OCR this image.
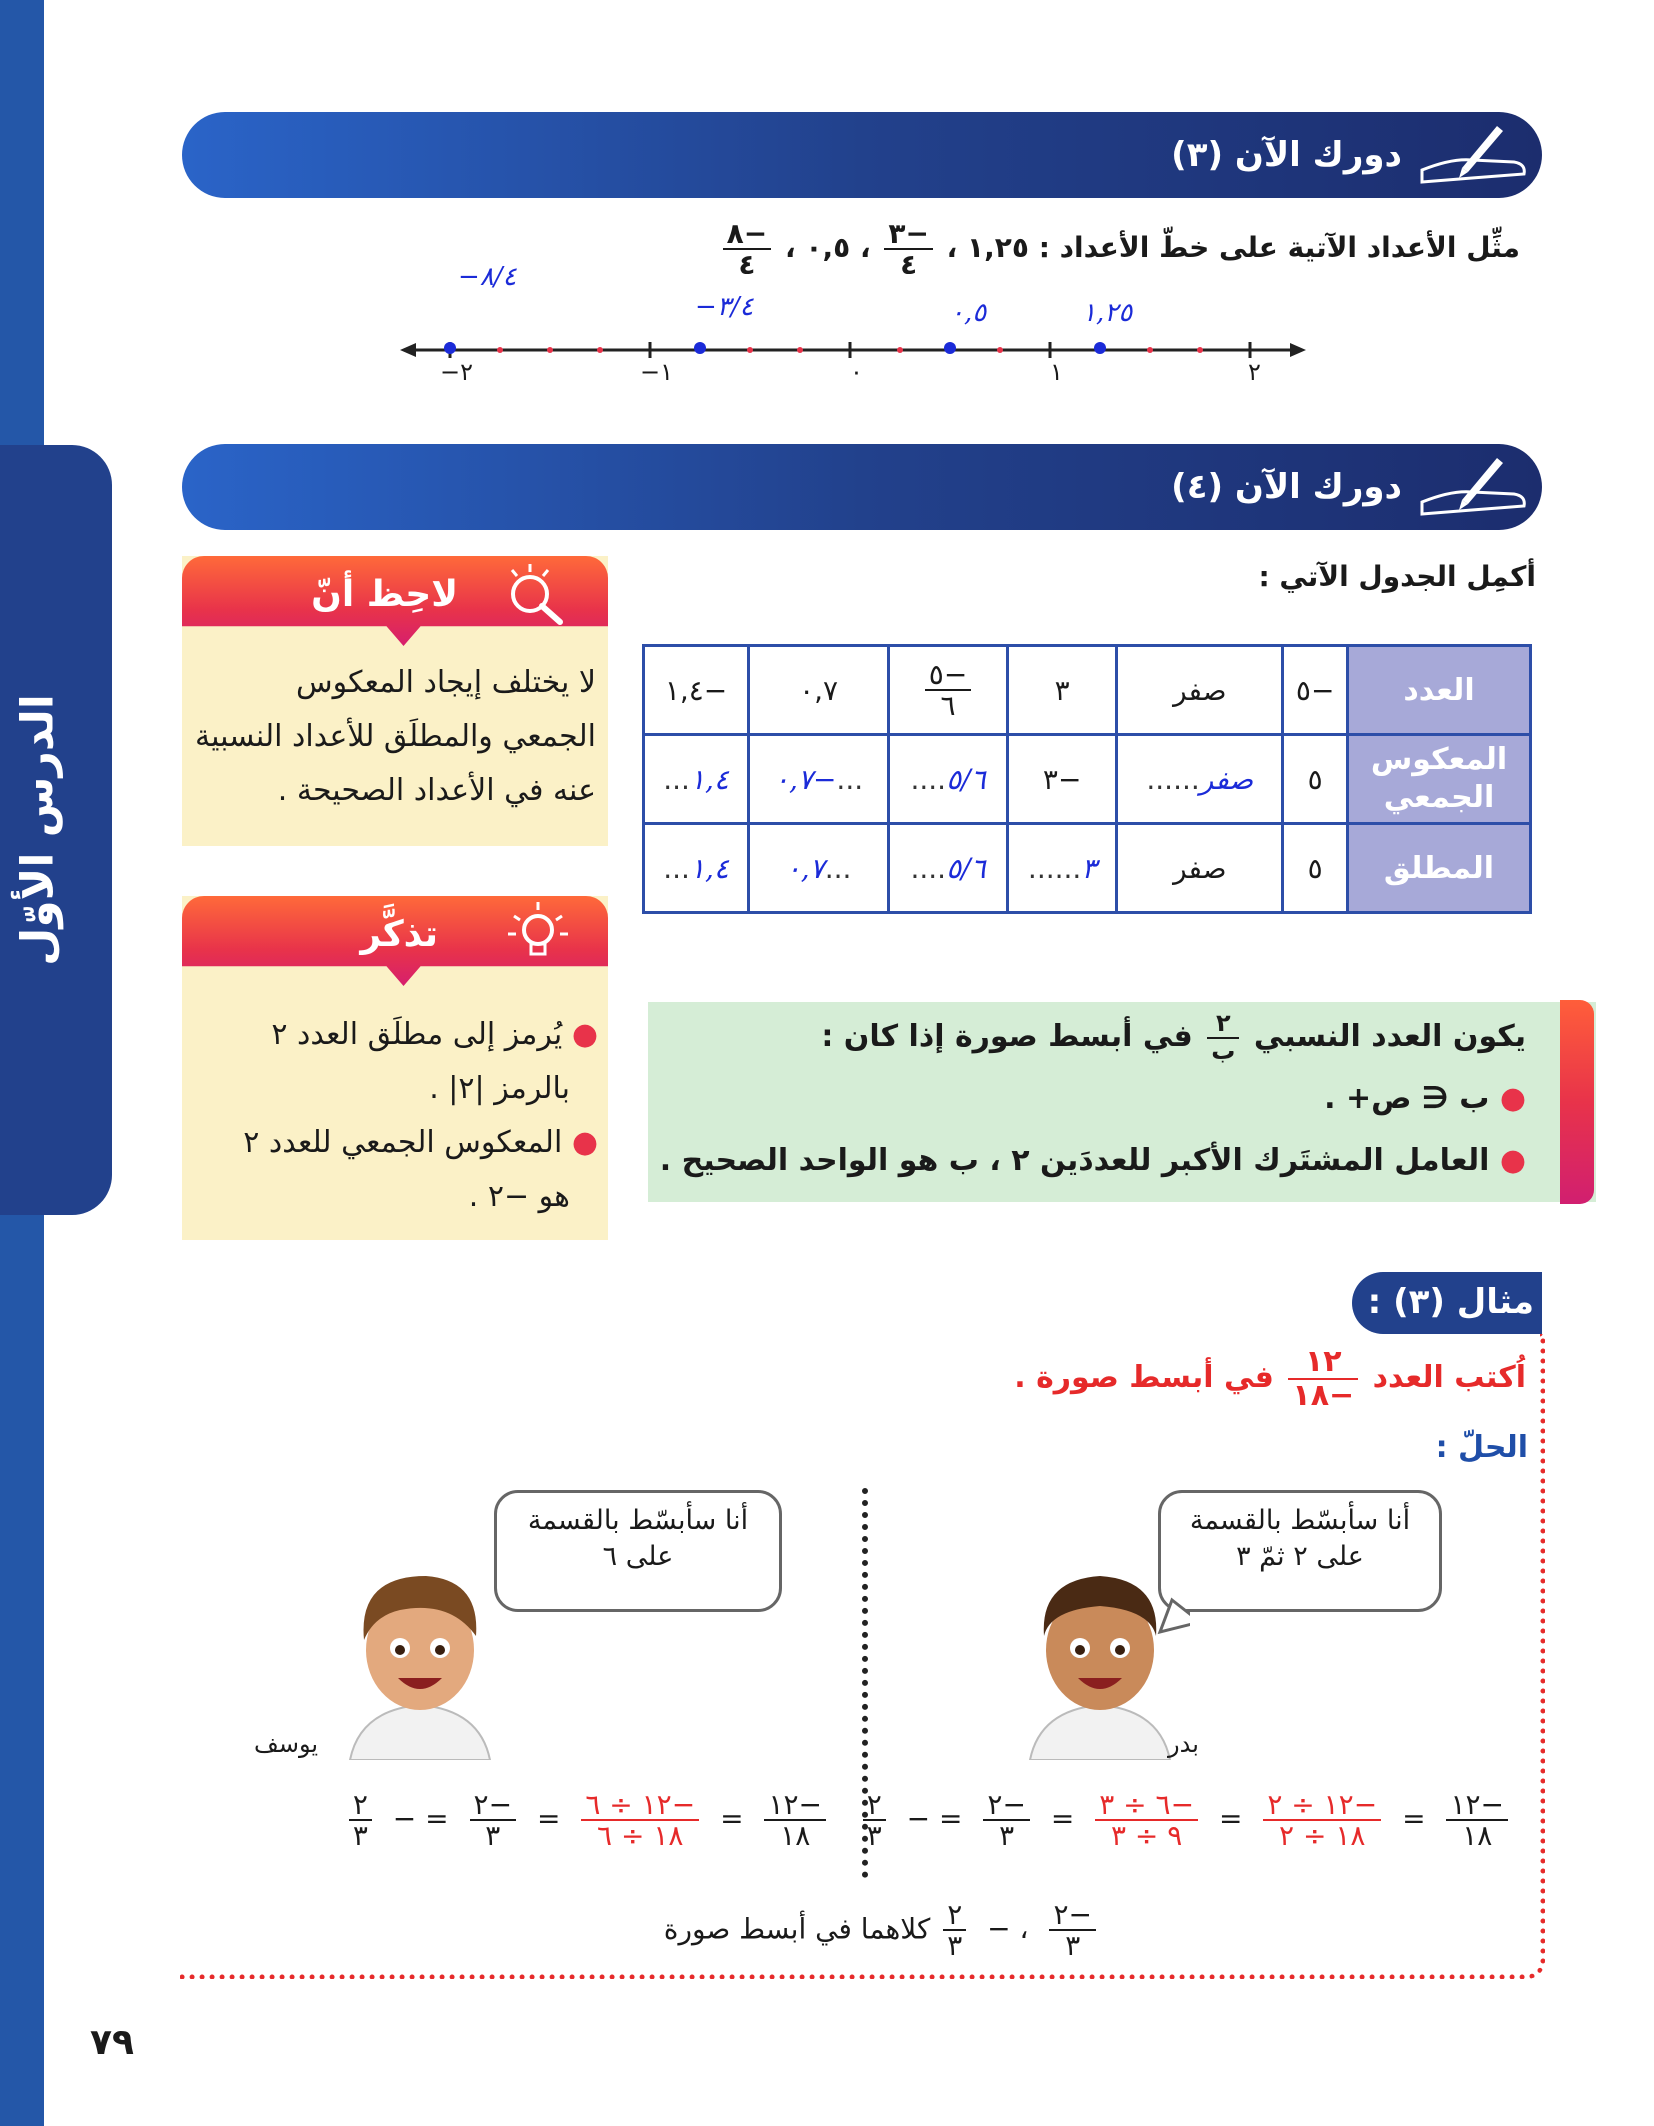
الدرس الأوّل
دورك الآن (٣)
مثِّل الأعداد الآتية على خطّ الأعداد : ١,٢٥ ،
$\frac{-٣}{٤}$
، ٠,٥ ،
$\frac{-٨}{٤}$
−٢	−١	٠	١	٢
−٨/٤
−٣/٤	٠,٥	١,٢٥
دورك الآن (٤)
أكمِل الجدول الآتي :
العدد	−٥	صفر	٣	$\frac{-٥}{٦}$	٠,٧	−١,٤
المعكوس الجمعي	٥	صفر......	−٣	٥/٦....	...−٠,٧	١,٤...
المطلق	٥	صفر	٣......	٥/٦....	...٠,٧	١,٤...
لاحِظ أنّ
لا يختلف إيجاد المعكوس
الجمعي والمطلَق للأعداد النسبية
عنه في الأعداد الصحيحة .
تذكَّر
● يُرمز إلى مطلَق العدد ٢
بالرمز |٢| .
● المعكوس الجمعي للعدد ٢
هو −٢ .
يكون العدد النسبي
$\frac{٢}{\text{ب}}$
في أبسط صورة إذا كان :
● ب ∈ ص+ .
● العامل المشتَرك الأكبر للعددَين ٢ ، ب هو الواحد الصحيح .
مثال (٣) :
اُكتب العدد
$\frac{١٢}{-١٨}$
في أبسط صورة .
الحلّ :
أنا سأبسّط بالقسمة
على ٢ ثمّ ٣
بدر
أنا سأبسّط بالقسمة
على ٦
يوسف
$\frac{-١٢}{١٨}$
=
$\frac{-١٢ \div ٢}{١٨ \div ٢}$
=
$\frac{-٦ \div ٣}{٩ \div ٣}$
=
$\frac{-٢}{٣}$
= −
$\frac{٢}{٣}$
$\frac{-١٢}{١٨}$
=
$\frac{-١٢ \div ٦}{١٨ \div ٦}$
=
$\frac{-٢}{٣}$
= −
$\frac{٢}{٣}$
$\frac{-٢}{٣}$
، −
$\frac{٢}{٣}$
كلاهما في أبسط صورة
٧٩
